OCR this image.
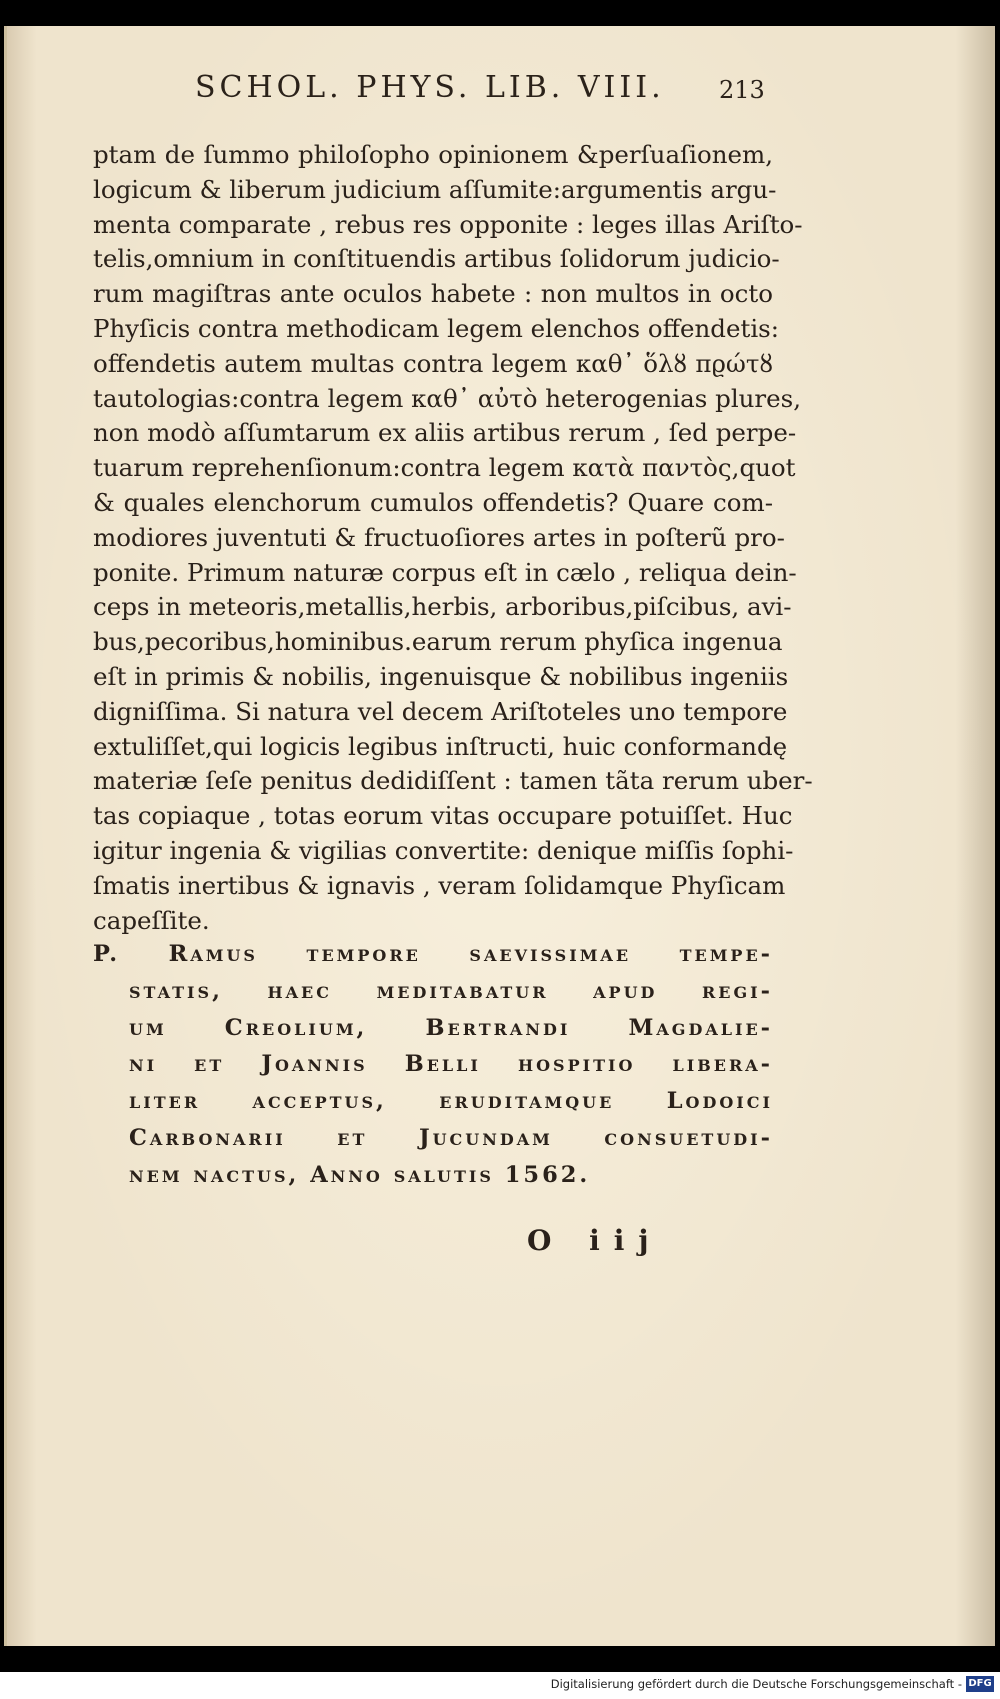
SCHOL. PHYS. LIB. VIII.	213
ptam de ſummo philoſopho opinionem &perſuaſionem,
logicum & liberum judicium aſſumite:argumentis argu-
menta comparate , rebus res opponite : leges illas Ariſto-
telis,omnium in conſtituendis artibus ſolidorum judicio-
rum magiſtras ante oculos habete : non multos in octo
Phyſicis contra methodicam legem elenchos offendetis:
offendetis autem multas contra legem καθ᾽ ὅλȣ πϱώτȣ
tautologias:contra legem καθ᾽ αὐτὸ heterogenias plures,
non modò aſſumtarum ex aliis artibus rerum , ſed perpe-
tuarum reprehenſionum:contra legem κατὰ παντὸς,quot
& quales elenchorum cumulos offendetis? Quare com-
modiores juventuti & fructuoſiores artes in poſterũ pro-
ponite. Primum naturæ corpus eſt in cælo , reliqua dein-
ceps in meteoris,metallis,herbis, arboribus,piſcibus, avi-
bus,pecoribus,hominibus.earum rerum phyſica ingenua
eſt in primis & nobilis, ingenuisque & nobilibus ingeniis
digniſſima. Si natura vel decem Ariſtoteles uno tempore
extuliſſet,qui logicis legibus inſtructi, huic conformandę
materiæ ſeſe penitus dedidiſſent : tamen tãta rerum uber-
tas copiaque , totas eorum vitas occupare potuiſſet. Huc
igitur ingenia & vigilias convertite: denique miſſis ſophi-
ſmatis inertibus & ignavis , veram ſolidamque Phyſicam
capeſſite.
P. Ramus tempore saevissimae tempe-
statis, haec meditabatur apud regi-
um Creolium, Bertrandi Magdalie-
ni et Joannis Belli hospitio libera-
liter acceptus, eruditamque Lodoici
Carbonarii et Jucundam consuetudi-
nem nactus, Anno ſalutis 1562.
O iij
Digitalisierung gefördert durch die Deutsche Forschungsgemeinschaft - DFG
